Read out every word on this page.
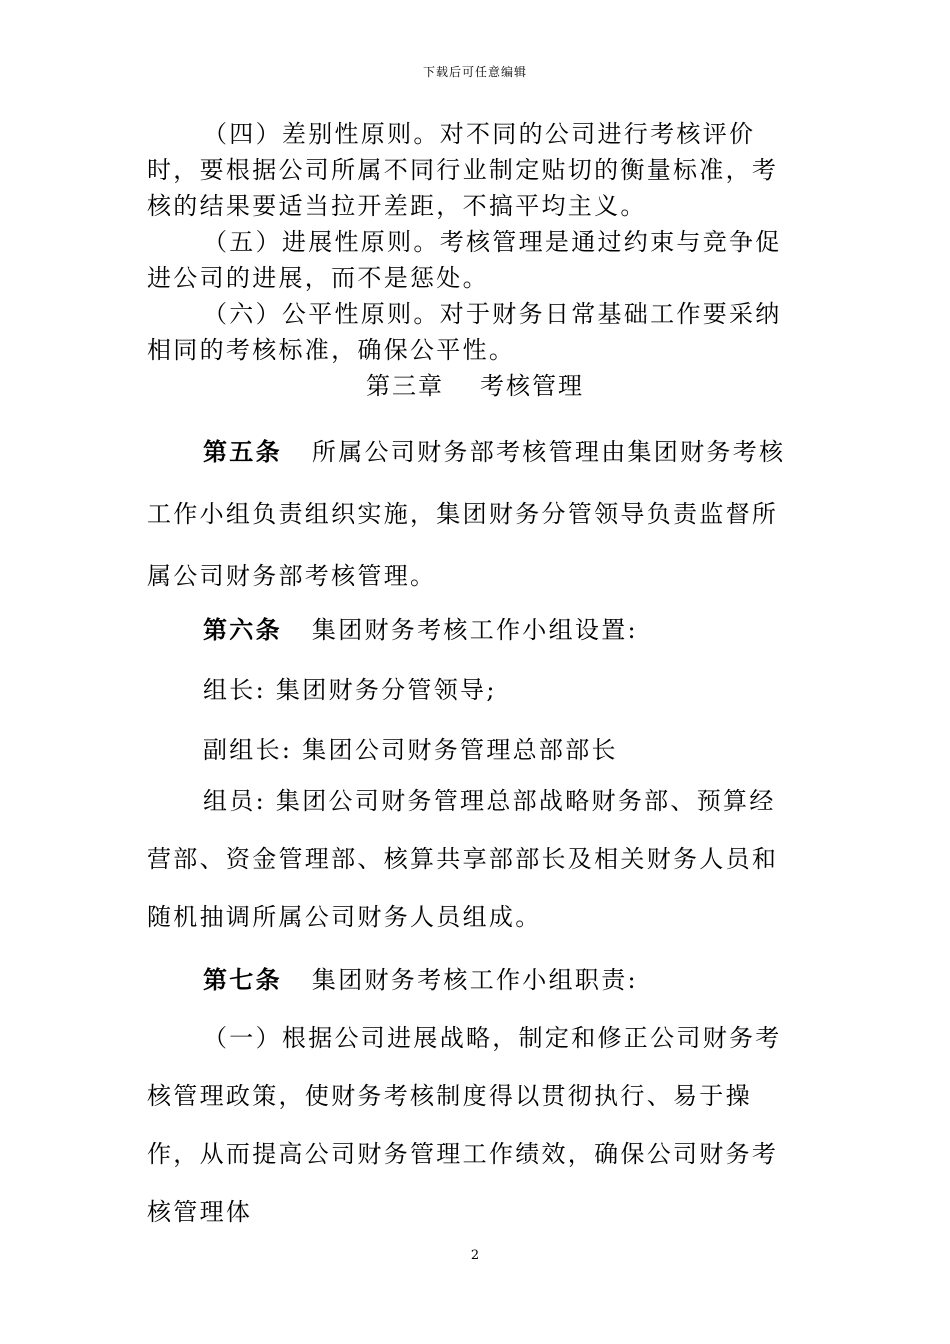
下载后可任意编辑

（四）差别性原则。对不同的公司进行考核评价时，要根据公司所属不同行业制定贴切的衡量标准，考核的结果要适当拉开差距，不搞平均主义。

（五）进展性原则。考核管理是通过约束与竞争促进公司的进展，而不是惩处。

（六）公平性原则。对于财务日常基础工作要采纳相同的考核标准，确保公平性。

第三章 考核管理

第五条 所属公司财务部考核管理由集团财务考核工作小组负责组织实施，集团财务分管领导负责监督所属公司财务部考核管理。

第六条 集团财务考核工作小组设置:

组长: 集团财务分管领导;

副组长: 集团公司财务管理总部部长

组员: 集团公司财务管理总部战略财务部、预算经营部、资金管理部、核算共享部部长及相关财务人员和随机抽调所属公司财务人员组成。

第七条 集团财务考核工作小组职责:

（一）根据公司进展战略，制定和修正公司财务考核管理政策，使财务考核制度得以贯彻执行、易于操作，从而提高公司财务管理工作绩效，确保公司财务考核管理体

2
